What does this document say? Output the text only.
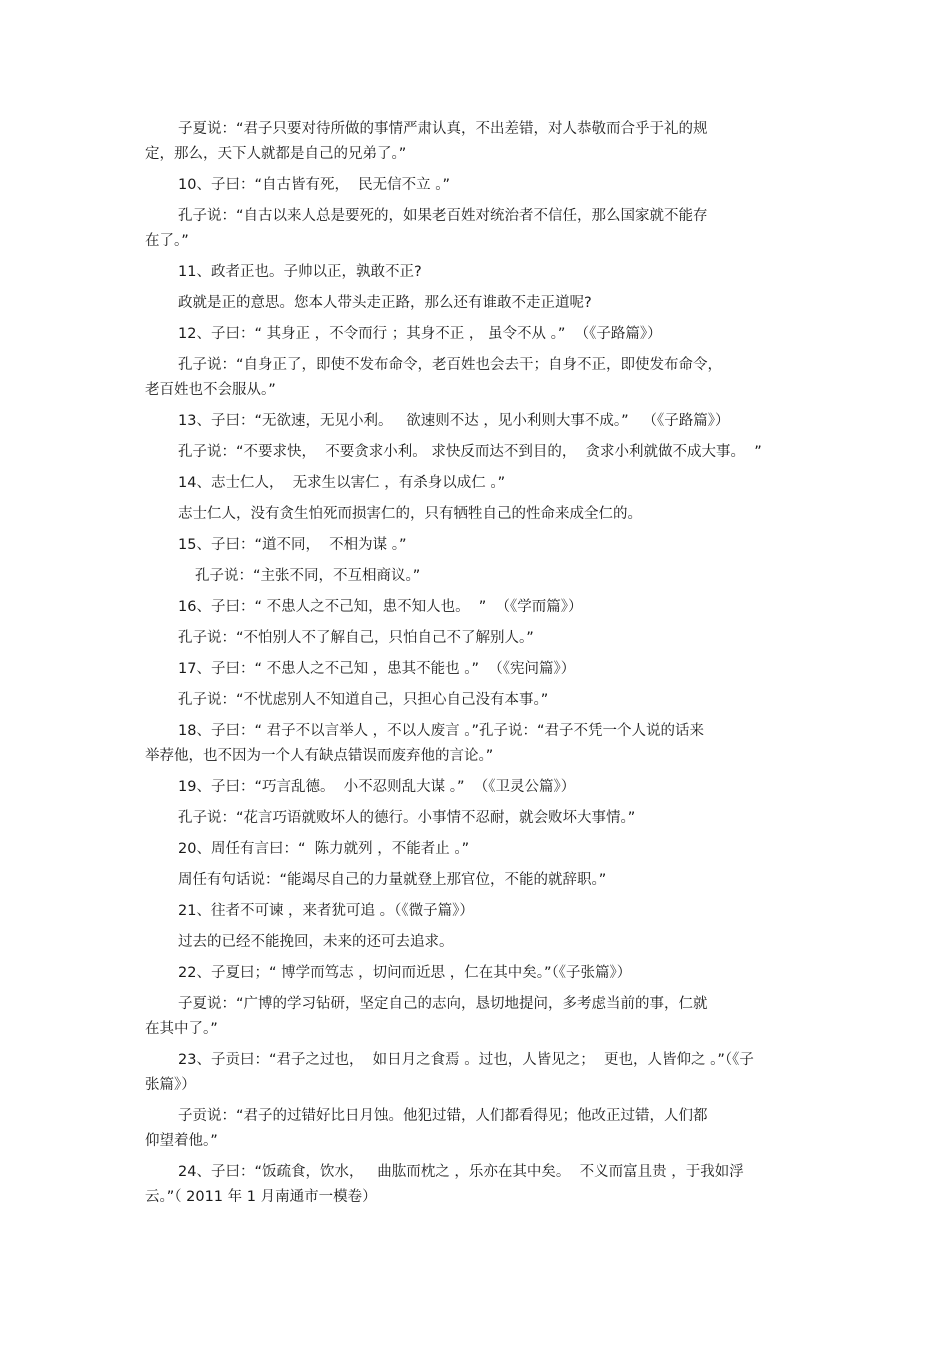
子夏说：“君子只要对待所做的事情严肃认真，不出差错，对人恭敬而合乎于礼的规
定，那么，天下人就都是自己的兄弟了。”

10、子曰：“自古皆有死，  民无信不立 。”

孔子说：“自古以来人总是要死的，如果老百姓对统治者不信任，那么国家就不能存
在了。”

11、政者正也。子帅以正，孰敢不正?

政就是正的意思。您本人带头走正路，那么还有谁敢不走正道呢?

12、子曰：“ 其身正 ，不令而行 ；其身不正 ， 虽令不从 。”  （《子路篇》）

孔子说：“自身正了，即使不发布命令，老百姓也会去干；自身不正，即使发布命令，
老百姓也不会服从。”

13、子曰：“无欲速，无见小利。   欲速则不达 ，见小利则大事不成。”   （《子路篇》）

孔子说：“不要求快，  不要贪求小利。 求快反而达不到目的，  贪求小利就做不成大事。  ”

14、志士仁人，  无求生以害仁 ，有杀身以成仁 。”

志士仁人，没有贪生怕死而损害仁的，只有牺牲自己的性命来成全仁的。

15、子曰：“道不同，  不相为谋 。”

孔子说：“主张不同，不互相商议。”

16、子曰：“ 不患人之不己知，患不知人也。  ”  （《学而篇》）

孔子说：“不怕别人不了解自己，只怕自己不了解别人。”

17、子曰：“ 不患人之不己知 ，患其不能也 。”  （《宪问篇》）

孔子说：“不忧虑别人不知道自己，只担心自己没有本事。”

18、子曰：“ 君子不以言举人 ，不以人废言 。”孔子说：“君子不凭一个人说的话来
举荐他，也不因为一个人有缺点错误而废弃他的言论。”

19、子曰：“巧言乱德。  小不忍则乱大谋 。”  （《卫灵公篇》）

孔子说：“花言巧语就败坏人的德行。小事情不忍耐，就会败坏大事情。”

20、周任有言曰：“  陈力就列 ，不能者止 。”

周任有句话说：“能竭尽自己的力量就登上那官位，不能的就辞职。”

21、往者不可谏 ，来者犹可追 。（《微子篇》）

过去的已经不能挽回，未来的还可去追求。

22、子夏曰；“ 博学而笃志 ，切问而近思 ，仁在其中矣。”（《子张篇》）

子夏说：“广博的学习钻研，坚定自己的志向，恳切地提问，多考虑当前的事，仁就
在其中了。”

23、子贡曰：“君子之过也，  如日月之食焉 。过也，人皆见之；  更也，人皆仰之 。”（《子
张篇》）

子贡说：“君子的过错好比日月蚀。他犯过错，人们都看得见；他改正过错，人们都
仰望着他。”

24、子曰：“饭疏食，饮水，   曲肱而枕之 ，乐亦在其中矣。  不义而富且贵 ，于我如浮
云。”（ 2011 年 1 月南通市一模卷）
